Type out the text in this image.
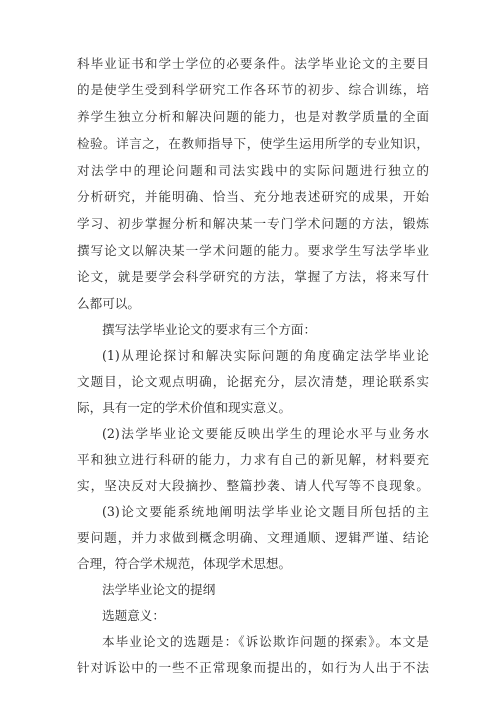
科毕业证书和学士学位的必要条件。法学毕业论文的主要目
的是使学生受到科学研究工作各环节的初步、综合训练，培
养学生独立分析和解决问题的能力，也是对教学质量的全面
检验。详言之，在教师指导下，使学生运用所学的专业知识，
对法学中的理论问题和司法实践中的实际问题进行独立的
分析研究，并能明确、恰当、充分地表述研究的成果，开始
学习、初步掌握分析和解决某一专门学术问题的方法，锻炼
撰写论文以解决某一学术问题的能力。要求学生写法学毕业
论文，就是要学会科学研究的方法，掌握了方法，将来写什
么都可以。
撰写法学毕业论文的要求有三个方面：
(1)从理论探讨和解决实际问题的角度确定法学毕业论
文题目，论文观点明确，论据充分，层次清楚，理论联系实
际，具有一定的学术价值和现实意义。
(2)法学毕业论文要能反映出学生的理论水平与业务水
平和独立进行科研的能力，力求有自己的新见解，材料要充
实，坚决反对大段摘抄、整篇抄袭、请人代写等不良现象。
(3)论文要能系统地阐明法学毕业论文题目所包括的主
要问题，并力求做到概念明确、文理通顺、逻辑严谨、结论
合理，符合学术规范，体现学术思想。
法学毕业论文的提纲
选题意义：
本毕业论文的选题是：《诉讼欺诈问题的探索》。本文是
针对诉讼中的一些不正常现象而提出的，如行为人出于不法
